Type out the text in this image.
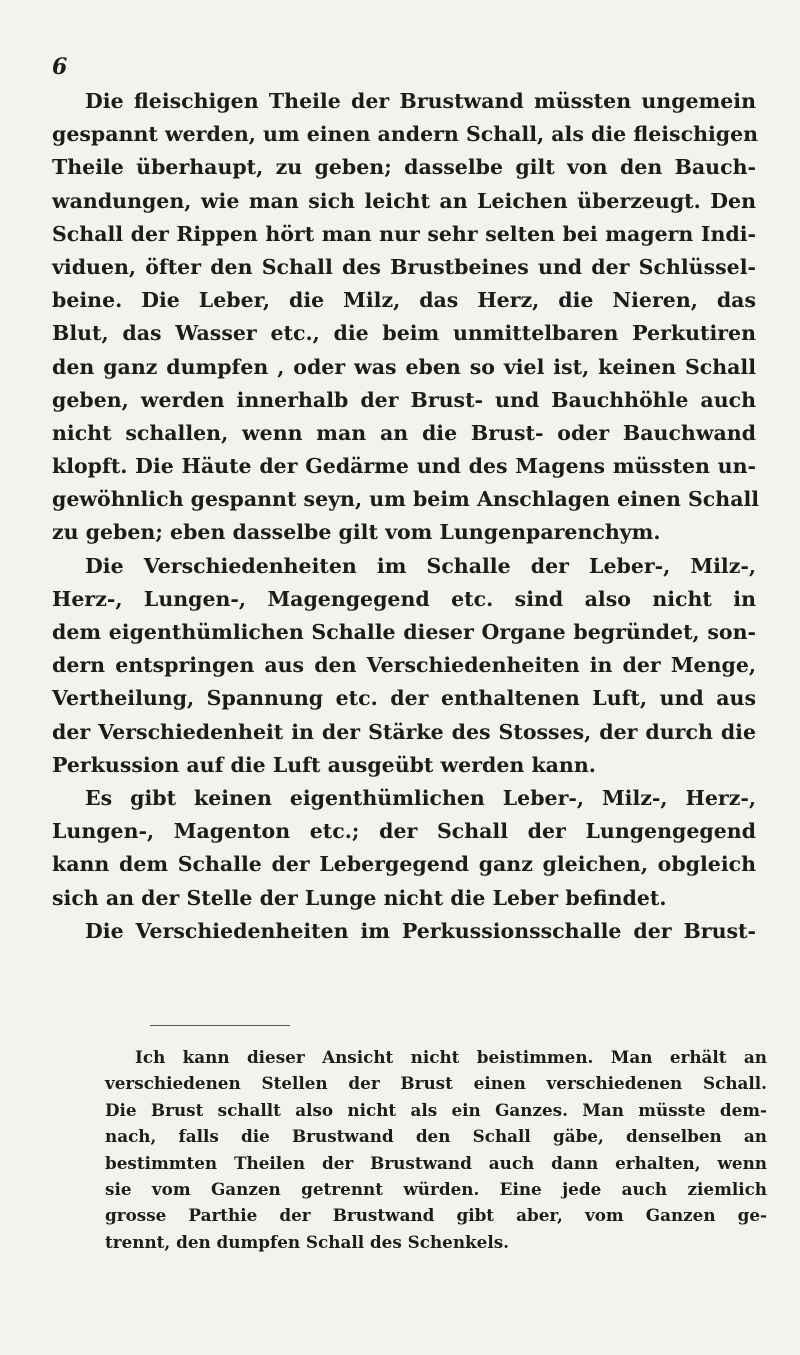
6
Die fleischigen Theile der Brustwand müssten ungemein
gespannt werden, um einen andern Schall, als die fleischigen
Theile überhaupt, zu geben; dasselbe gilt von den Bauch-
wandungen, wie man sich leicht an Leichen überzeugt. Den
Schall der Rippen hört man nur sehr selten bei magern Indi-
viduen, öfter den Schall des Brustbeines und der Schlüssel-
beine. Die Leber, die Milz, das Herz, die Nieren, das
Blut, das Wasser etc., die beim unmittelbaren Perkutiren
den ganz dumpfen , oder was eben so viel ist, keinen Schall
geben, werden innerhalb der Brust- und Bauchhöhle auch
nicht schallen, wenn man an die Brust- oder Bauchwand
klopft. Die Häute der Gedärme und des Magens müssten un-
gewöhnlich gespannt seyn, um beim Anschlagen einen Schall
zu geben; eben dasselbe gilt vom Lungenparenchym.
Die Verschiedenheiten im Schalle der Leber-, Milz-,
Herz-, Lungen-, Magengegend etc. sind also nicht in
dem eigenthümlichen Schalle dieser Organe begründet, son-
dern entspringen aus den Verschiedenheiten in der Menge,
Vertheilung, Spannung etc. der enthaltenen Luft, und aus
der Verschiedenheit in der Stärke des Stosses, der durch die
Perkussion auf die Luft ausgeübt werden kann.
Es gibt keinen eigenthümlichen Leber-, Milz-, Herz-,
Lungen-, Magenton etc.; der Schall der Lungengegend
kann dem Schalle der Lebergegend ganz gleichen, obgleich
sich an der Stelle der Lunge nicht die Leber befindet.
Die Verschiedenheiten im Perkussionsschalle der Brust-
Ich kann dieser Ansicht nicht beistimmen. Man erhält an
verschiedenen Stellen der Brust einen verschiedenen Schall.
Die Brust schallt also nicht als ein Ganzes. Man müsste dem-
nach, falls die Brustwand den Schall gäbe, denselben an
bestimmten Theilen der Brustwand auch dann erhalten, wenn
sie vom Ganzen getrennt würden. Eine jede auch ziemlich
grosse Parthie der Brustwand gibt aber, vom Ganzen ge-
trennt, den dumpfen Schall des Schenkels.
